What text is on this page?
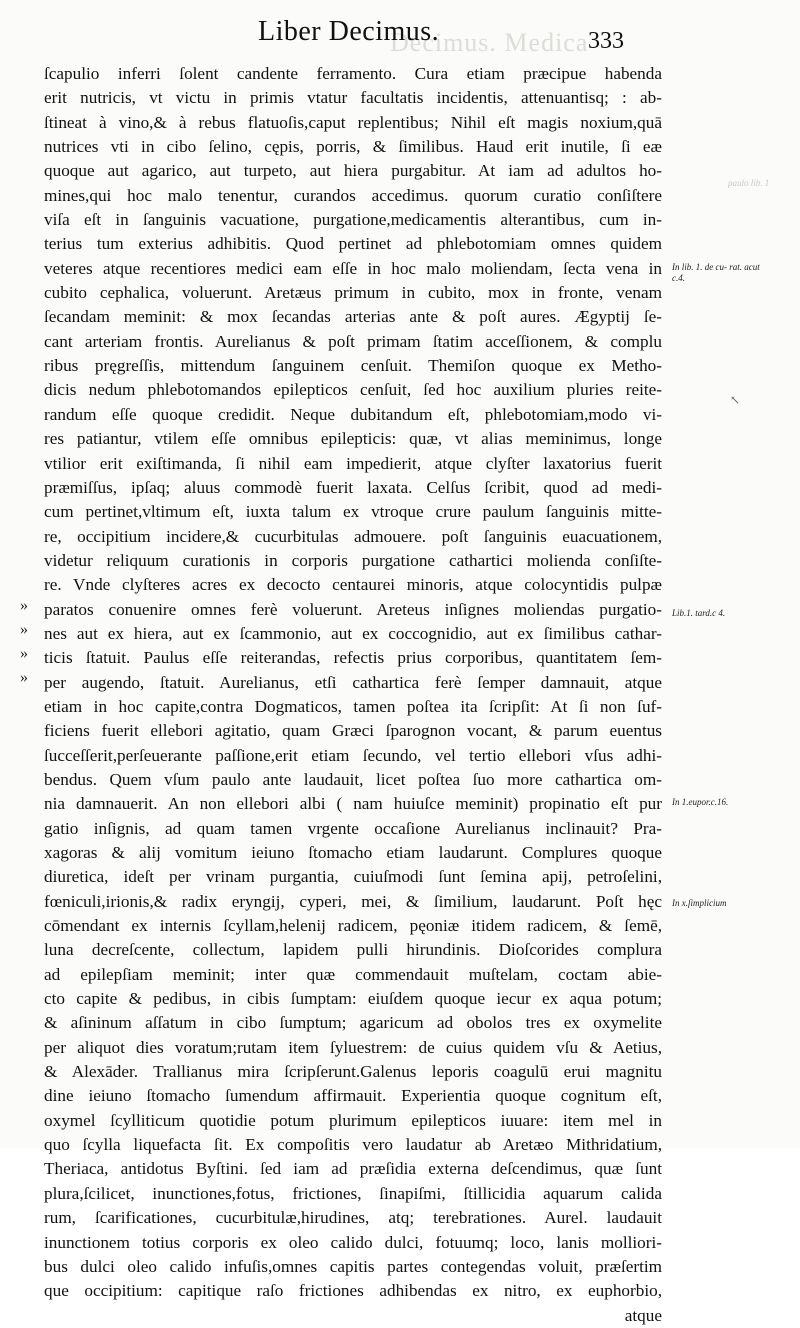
Decimus. Medica
Liber Decimus.	333
ſcapulio inferri ſolent candente ferramento. Cura etiam præcipue habenda
erit nutricis, vt victu in primis vtatur facultatis incidentis, attenuantisq; : ab-
ſtineat à vino,& à rebus flatuoſis,caput replentibus; Nihil eſt magis noxium,quā
nutrices vti in cibo ſelino, cępis, porris, & ſimilibus. Haud erit inutile, ſi eæ
quoque aut agarico, aut turpeto, aut hiera purgabitur. At iam ad adultos ho-
mines,qui hoc malo tenentur, curandos accedimus. quorum curatio conſiſtere
viſa eſt in ſanguinis vacuatione, purgatione,medicamentis alterantibus, cum in-
terius tum exterius adhibitis. Quod pertinet ad phlebotomiam omnes quidem
veteres atque recentiores medici eam eſſe in hoc malo moliendam, ſecta vena in
cubito cephalica, voluerunt. Aretæus primum in cubito, mox in fronte, venam
ſecandam meminit: & mox ſecandas arterias ante & poſt aures. Ægyptij ſe-
cant arteriam frontis. Aurelianus & poſt primam ſtatim acceſſionem, & complu
ribus pręgreſſis, mittendum ſanguinem cenſuit. Themiſon quoque ex Metho-
dicis nedum phlebotomandos epilepticos cenſuit, ſed hoc auxilium pluries reite-
randum eſſe quoque credidit. Neque dubitandum eſt, phlebotomiam,modo vi-
res patiantur, vtilem eſſe omnibus epilepticis: quæ, vt alias meminimus, longe
vtilior erit exiſtimanda, ſi nihil eam impedierit, atque clyſter laxatorius fuerit
præmiſſus, ipſaq; aluus commodè fuerit laxata. Celſus ſcribit, quod ad medi-
cum pertinet,vltimum eſt, iuxta talum ex vtroque crure paulum ſanguinis mitte-
re, occipitium incidere,& cucurbitulas admouere. poſt ſanguinis euacuationem,
videtur reliquum curationis in corporis purgatione cathartici molienda conſiſte-
re. Vnde clyſteres acres ex decocto centaurei minoris, atque colocyntidis pulpæ
paratos conuenire omnes ferè voluerunt. Areteus inſignes moliendas purgatio-
nes aut ex hiera, aut ex ſcammonio, aut ex coccognidio, aut ex ſimilibus cathar-
ticis ſtatuit. Paulus eſſe reiterandas, refectis prius corporibus, quantitatem ſem-
per augendo, ſtatuit. Aurelianus, etſi cathartica ferè ſemper damnauit, atque
etiam in hoc capite,contra Dogmaticos, tamen poſtea ita ſcripſit: At ſi non ſuf-
ficiens fuerit ellebori agitatio, quam Græci ſparognon vocant, & parum euentus
ſucceſſerit,perſeuerante paſſione,erit etiam ſecundo, vel tertio ellebori vſus adhi-
bendus. Quem vſum paulo ante laudauit, licet poſtea ſuo more cathartica om-
nia damnauerit. An non ellebori albi ( nam huiuſce meminit) propinatio eſt pur
gatio inſignis, ad quam tamen vrgente occaſione Aurelianus inclinauit? Pra-
xagoras & alij vomitum ieiuno ſtomacho etiam laudarunt. Complures quoque
diuretica, ideſt per vrinam purgantia, cuiuſmodi ſunt ſemina apij, petroſelini,
fœniculi,irionis,& radix eryngij, cyperi, mei, & ſimilium, laudarunt. Poſt hęc
cōmendant ex internis ſcyllam,helenij radicem, pęoniæ itidem radicem, & ſemē,
luna decreſcente, collectum, lapidem pulli hirundinis. Dioſcorides complura
ad epilepſiam meminit; inter quæ commendauit muſtelam, coctam abie-
cto capite & pedibus, in cibis ſumptam: eiuſdem quoque iecur ex aqua potum;
& aſininum aſſatum in cibo ſumptum; agaricum ad obolos tres ex oxymelite
per aliquot dies voratum;rutam item ſyluestrem: de cuius quidem vſu & Aetius,
& Alexāder. Trallianus mira ſcripſerunt.Galenus leporis coagulū erui magnitu
dine ieiuno ſtomacho ſumendum affirmauit. Experientia quoque cognitum eſt,
oxymel ſcylliticum quotidie potum plurimum epilepticos iuuare: item mel in
quo ſcylla liquefacta ſit. Ex compoſitis vero laudatur ab Aretæo Mithridatium,
Theriaca, antidotus Byſtini. ſed iam ad præſidia externa deſcendimus, quæ ſunt
plura,ſcilicet, inunctiones,fotus, frictiones, ſinapiſmi, ſtillicidia aquarum calida
rum, ſcarificationes, cucurbitulæ,hirudines, atq; terebrationes. Aurel. laudauit
inunctionem totius corporis ex oleo calido dulci, fotuumq; loco, lanis molliori-
bus dulci oleo calido infuſis,omnes capitis partes contegendas voluit, præſertim
que occipitium: capitique raſo frictiones adhibendas ex nitro, ex euphorbio,
atque
»
»
»
»
In lib. 1. de cu- rat. acut c.4.
Lib.1. tard.c 4.
In 1.eupor.c.16.
In x.ſimplicium
paulo lib. 1
↖
